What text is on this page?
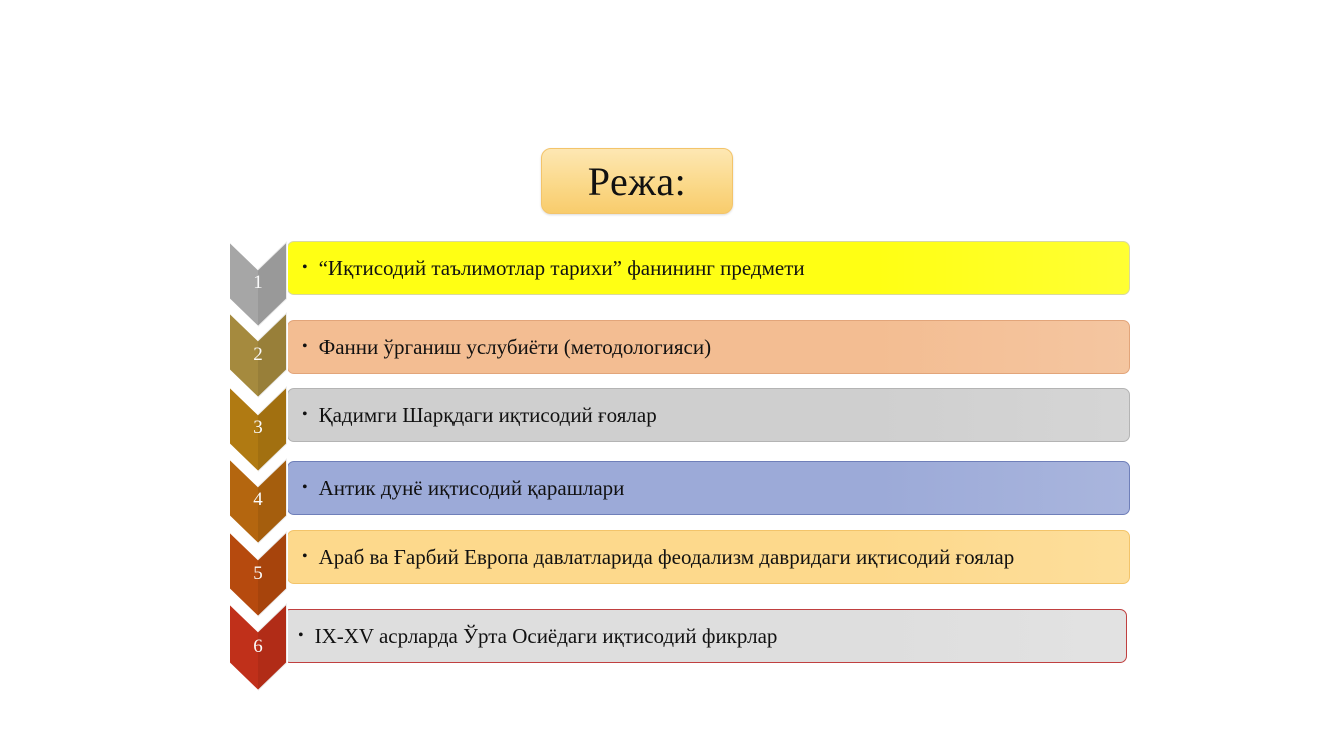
Режа:
• “Иқтисодий таълимотлар тарихи” фанининг предмети
1
• Фанни ўрганиш услубиёти (методологияси)
2
• Қадимги Шарқдаги иқтисодий ғоялар
3
• Антик дунё иқтисодий қарашлари
4
• Араб ва Ғарбий Европа давлатларида феодализм давридаги иқтисодий ғоялар
5
• IX-XV асрларда Ўрта Осиёдаги иқтисодий фикрлар
6
